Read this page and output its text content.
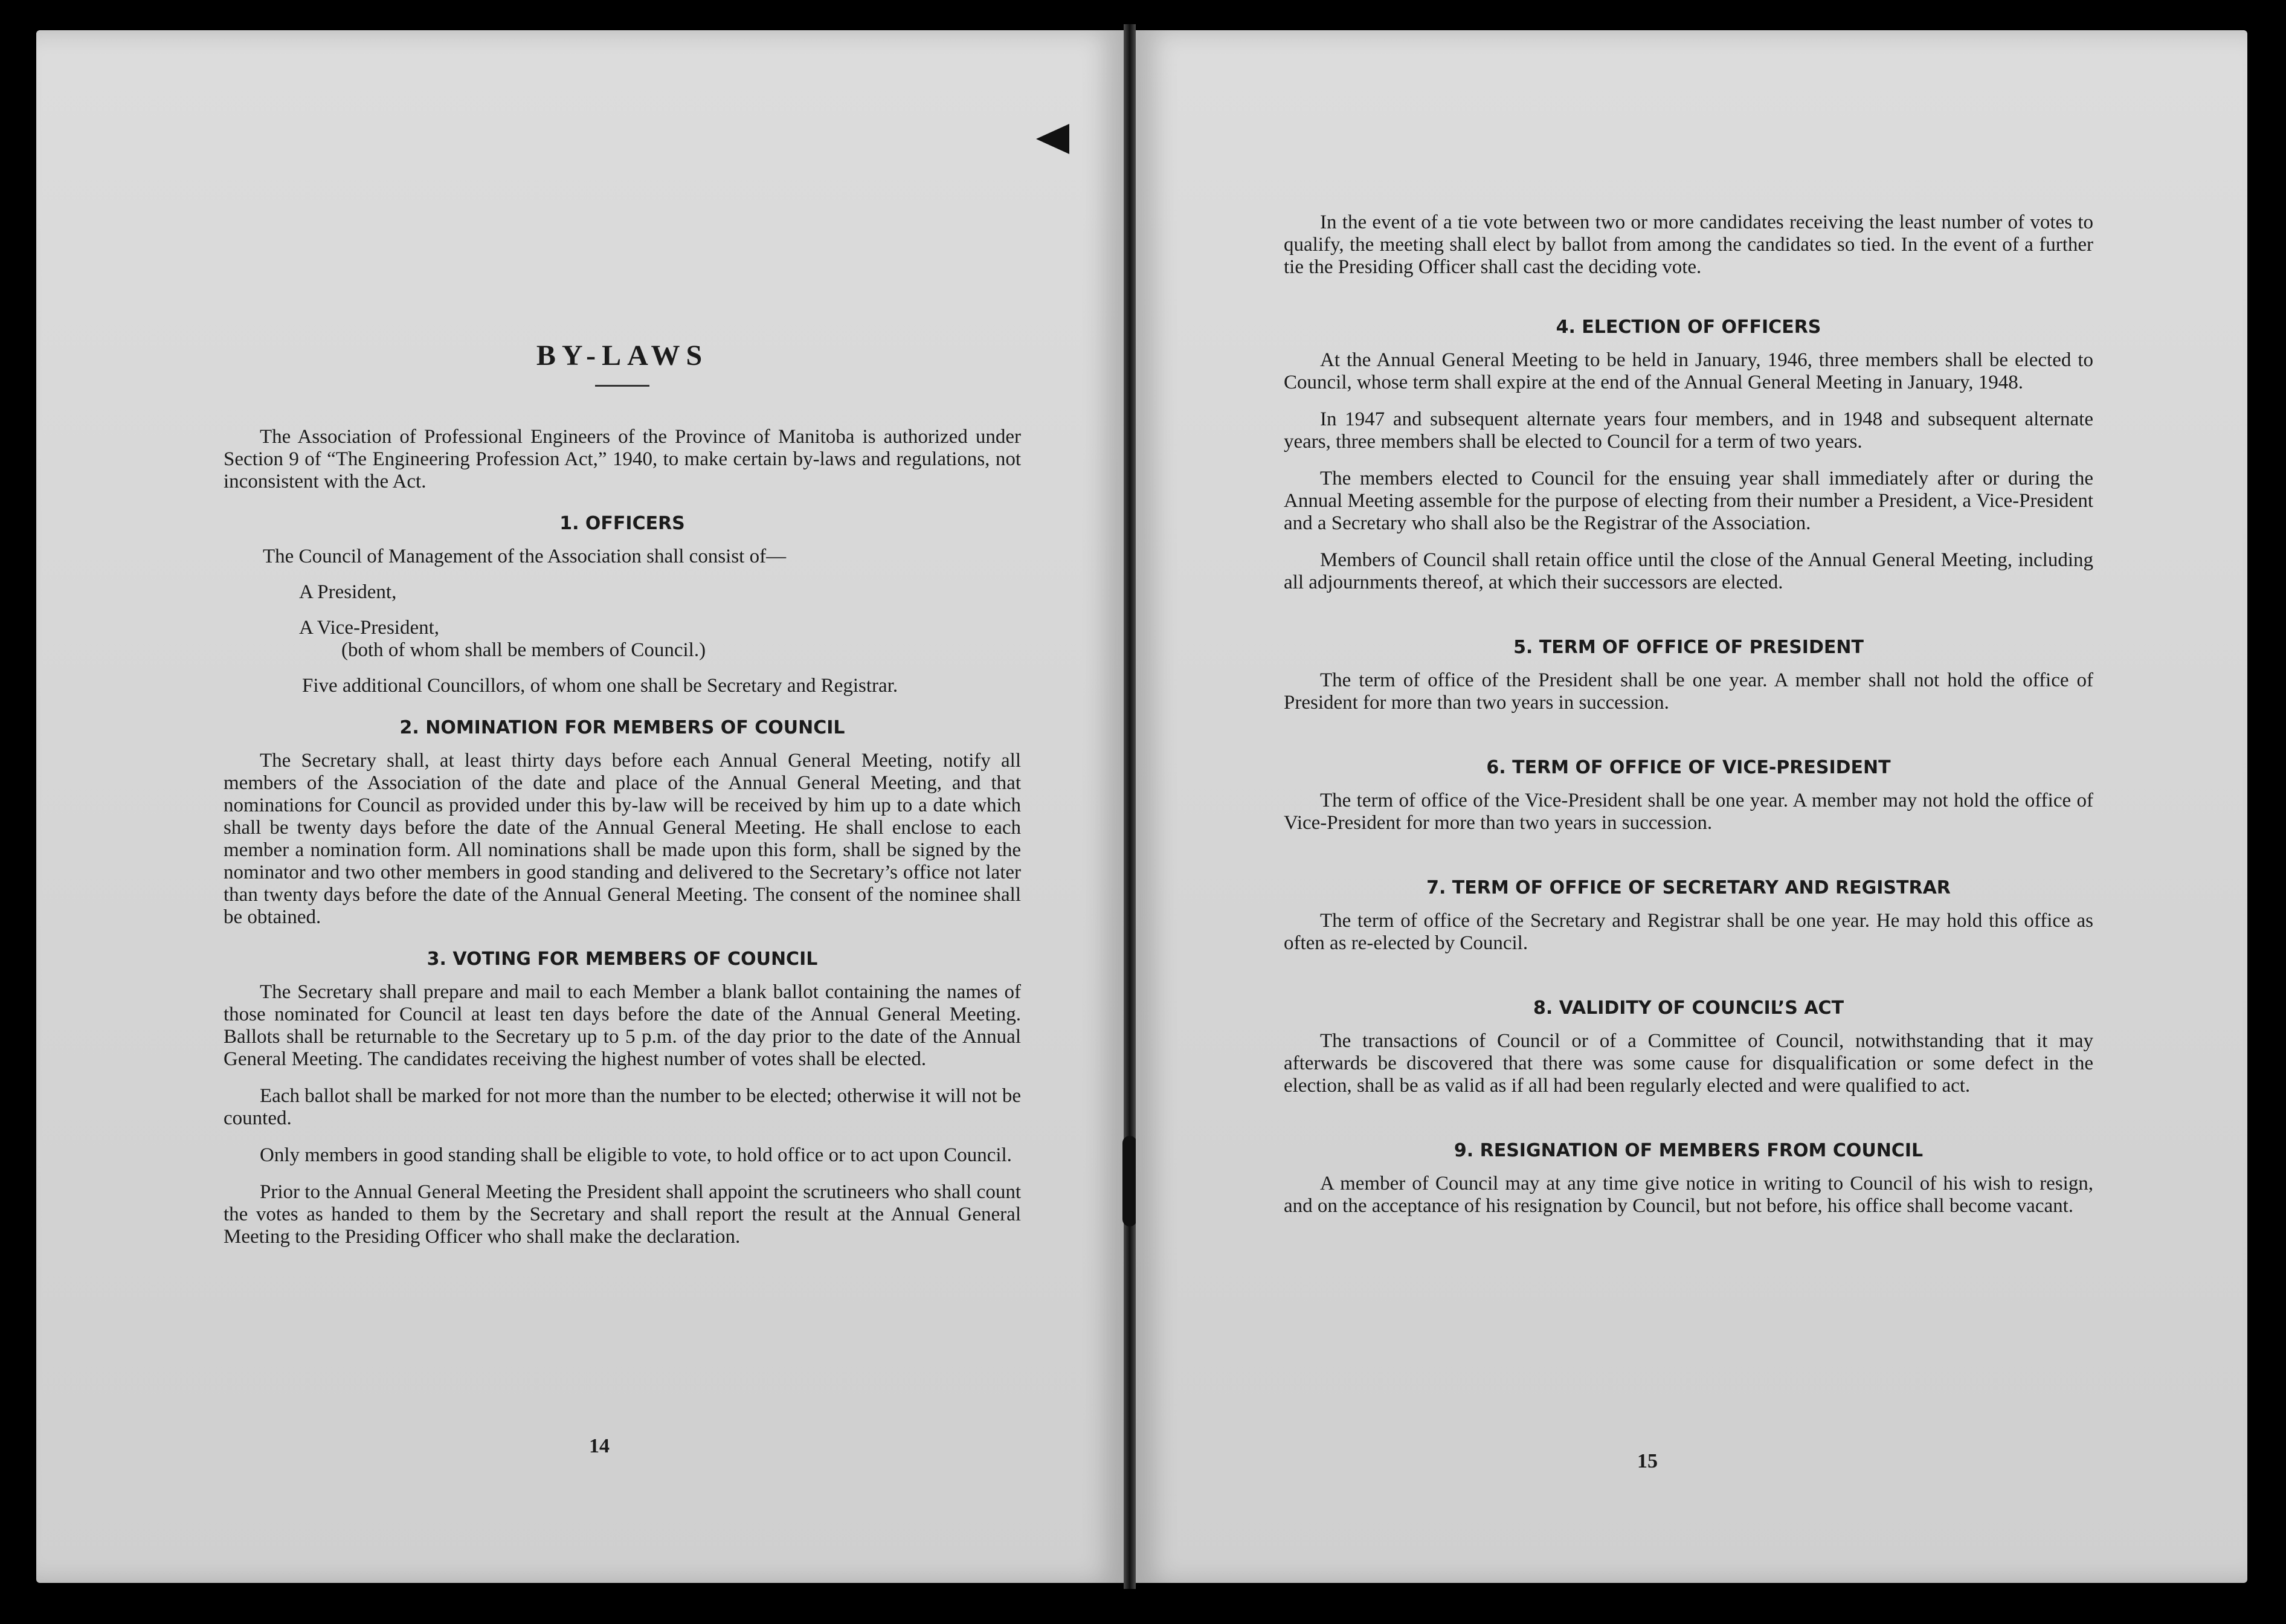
BY-LAWS

The Association of Professional Engineers of the Province of Manitoba is authorized under Section 9 of “The Engineering Profession Act,” 1940, to make certain by-laws and regulations, not inconsistent with the Act.

1. OFFICERS

The Council of Management of the Association shall consist of—

A President,

A Vice-President,

(both of whom shall be members of Council.)

Five additional Councillors, of whom one shall be Secretary and Registrar.

2. NOMINATION FOR MEMBERS OF COUNCIL

The Secretary shall, at least thirty days before each Annual General Meeting, notify all members of the Association of the date and place of the Annual General Meeting, and that nominations for Council as provided under this by-law will be received by him up to a date which shall be twenty days before the date of the Annual General Meeting. He shall enclose to each member a nomination form. All nominations shall be made upon this form, shall be signed by the nominator and two other members in good standing and delivered to the Secretary’s office not later than twenty days before the date of the Annual General Meeting. The consent of the nominee shall be obtained.

3. VOTING FOR MEMBERS OF COUNCIL

The Secretary shall prepare and mail to each Member a blank ballot containing the names of those nominated for Council at least ten days before the date of the Annual General Meeting. Ballots shall be returnable to the Secretary up to 5 p.m. of the day prior to the date of the Annual General Meeting. The candidates receiving the highest number of votes shall be elected.

Each ballot shall be marked for not more than the number to be elected; otherwise it will not be counted.

Only members in good standing shall be eligible to vote, to hold office or to act upon Council.

Prior to the Annual General Meeting the President shall appoint the scrutineers who shall count the votes as handed to them by the Secretary and shall report the result at the Annual General Meeting to the Presiding Officer who shall make the declaration.

14

In the event of a tie vote between two or more candidates receiving the least number of votes to qualify, the meeting shall elect by ballot from among the candidates so tied. In the event of a further tie the Presiding Officer shall cast the deciding vote.

4. ELECTION OF OFFICERS

At the Annual General Meeting to be held in January, 1946, three members shall be elected to Council, whose term shall expire at the end of the Annual General Meeting in January, 1948.

In 1947 and subsequent alternate years four members, and in 1948 and subsequent alternate years, three members shall be elected to Council for a term of two years.

The members elected to Council for the ensuing year shall immediately after or during the Annual Meeting assemble for the purpose of electing from their number a President, a Vice-President and a Secretary who shall also be the Registrar of the Association.

Members of Council shall retain office until the close of the Annual General Meeting, including all adjournments thereof, at which their successors are elected.

5. TERM OF OFFICE OF PRESIDENT

The term of office of the President shall be one year. A member shall not hold the office of President for more than two years in succession.

6. TERM OF OFFICE OF VICE-PRESIDENT

The term of office of the Vice-President shall be one year. A member may not hold the office of Vice-President for more than two years in succession.

7. TERM OF OFFICE OF SECRETARY AND REGISTRAR

The term of office of the Secretary and Registrar shall be one year. He may hold this office as often as re-elected by Council.

8. VALIDITY OF COUNCIL’S ACT

The transactions of Council or of a Committee of Council, notwithstanding that it may afterwards be discovered that there was some cause for disqualification or some defect in the election, shall be as valid as if all had been regularly elected and were qualified to act.

9. RESIGNATION OF MEMBERS FROM COUNCIL

A member of Council may at any time give notice in writing to Council of his wish to resign, and on the acceptance of his resignation by Council, but not before, his office shall become vacant.

15
